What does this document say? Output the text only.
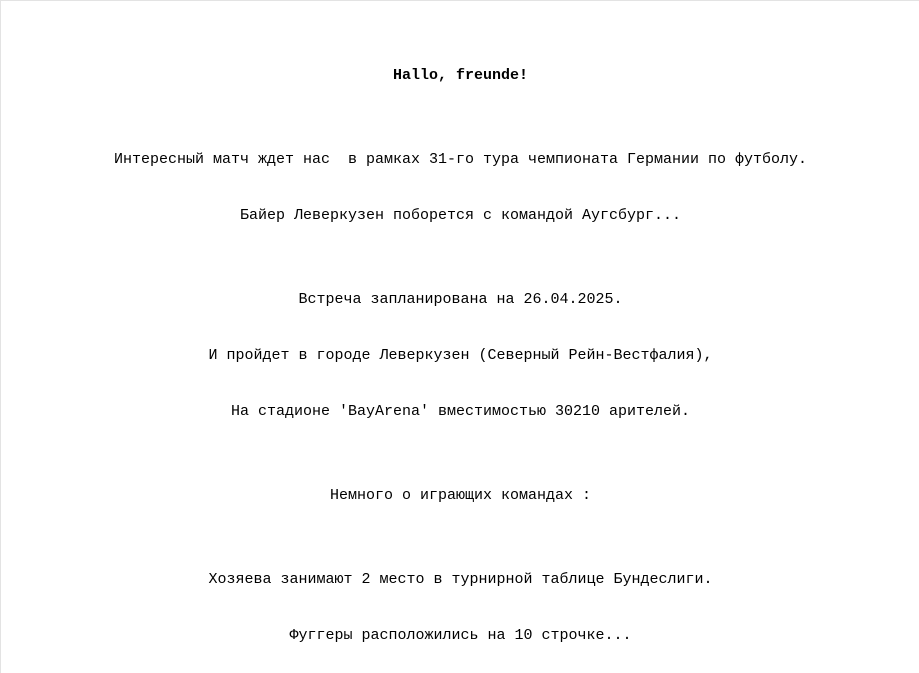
Hallo, freunde!
Интересный матч ждет нас  в рамках 31-го тура чемпионата Германии по футболу.
Байер Леверкузен поборется с командой Аугсбург...
Встреча запланирована на 26.04.2025.
И пройдет в городе Леверкузен (Северный Рейн-Вестфалия),
На стадионе 'BayArena' вместимостью 30210 арителей.
Немного о играющих командах :
Хозяева занимают 2 место в турнирной таблице Бундеслиги.
Фуггеры расположились на 10 строчке...
